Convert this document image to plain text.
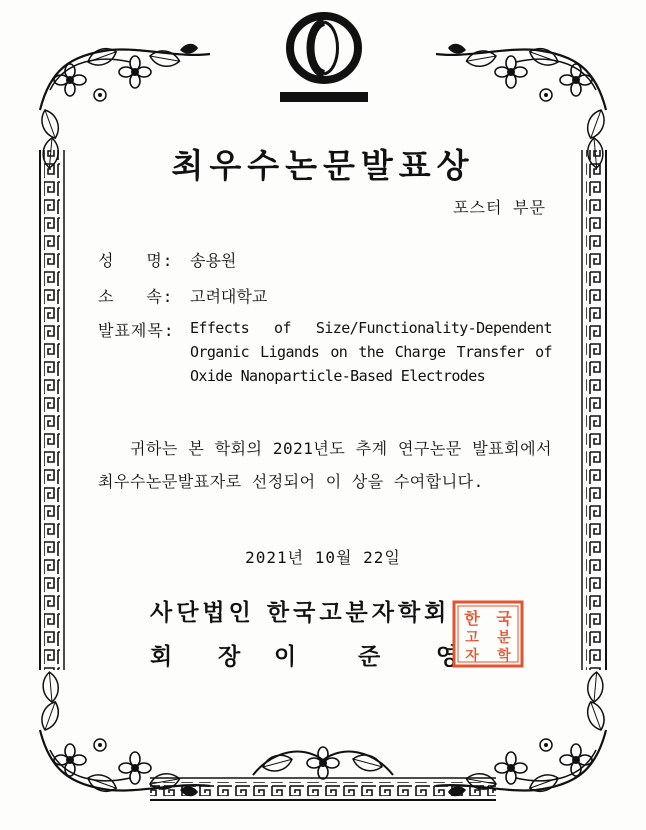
최우수논문발표상
포스터 부문
성   명: 송용원
소   속: 고려대학교
발표제목:	Effects of Size/Functionality-Dependent Organic Ligands on the Charge Transfer of Oxide Nanoparticle-Based Electrodes
귀하는 본 학회의 2021년도 추계 연구논문 발표회에서 최우수논문발표자로 선정되어 이 상을 수여합니다.
2021년 10월 22일
사단법인 한국고분자학회
회 장 이	준 영
한 국
고 분
자 학
